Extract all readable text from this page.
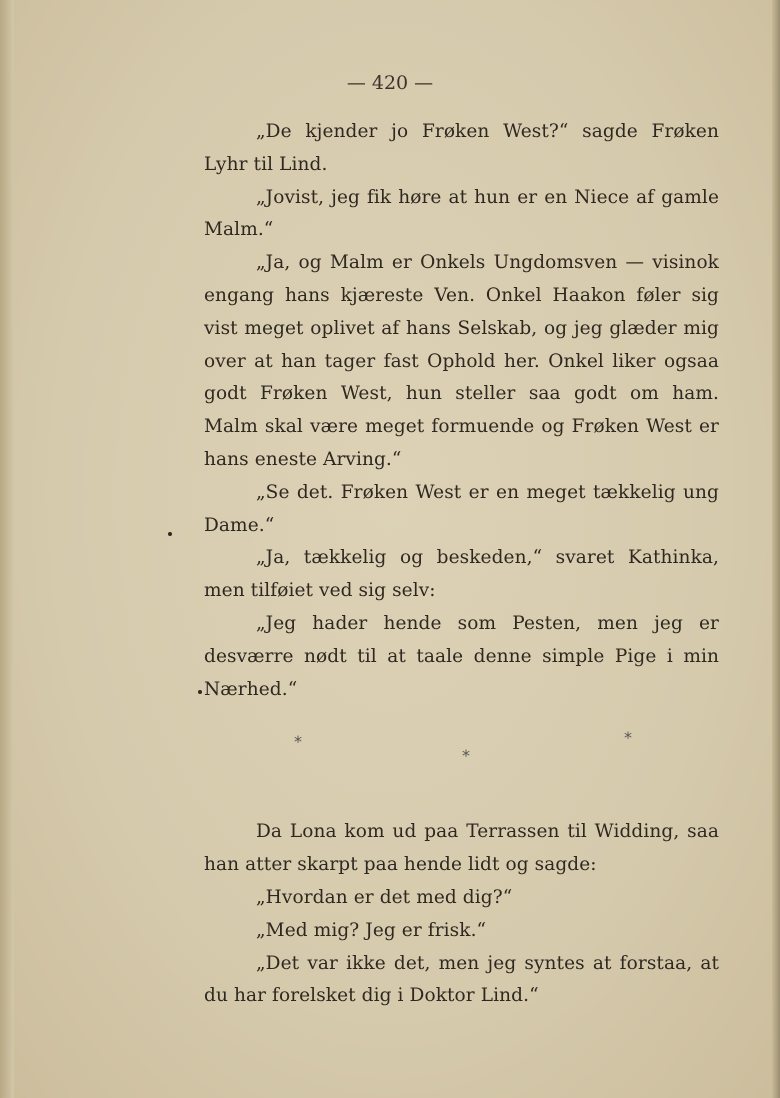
— 420 —

„De kjender jo Frøken West?“ sagde Frøken Lyhr til Lind.

„Jovist, jeg fik høre at hun er en Niece af gamle Malm.“

„Ja, og Malm er Onkels Ungdomsven — visinok engang hans kjæreste Ven. Onkel Haakon føler sig vist meget oplivet af hans Selskab, og jeg glæder mig over at han tager fast Ophold her. Onkel liker ogsaa godt Frøken West, hun steller saa godt om ham. Malm skal være meget formuende og Frøken West er hans eneste Arving.“

„Se det. Frøken West er en meget tækkelig ung Dame.“

„Ja, tækkelig og beskeden,“ svaret Kathinka, men tilføiet ved sig selv:

„Jeg hader hende som Pesten, men jeg er desværre nødt til at taale denne simple Pige i min Nærhed.“

*
*
*

Da Lona kom ud paa Terrassen til Widding, saa han atter skarpt paa hende lidt og sagde:

„Hvordan er det med dig?“

„Med mig? Jeg er frisk.“

„Det var ikke det, men jeg syntes at forstaa, at du har forelsket dig i Doktor Lind.“
